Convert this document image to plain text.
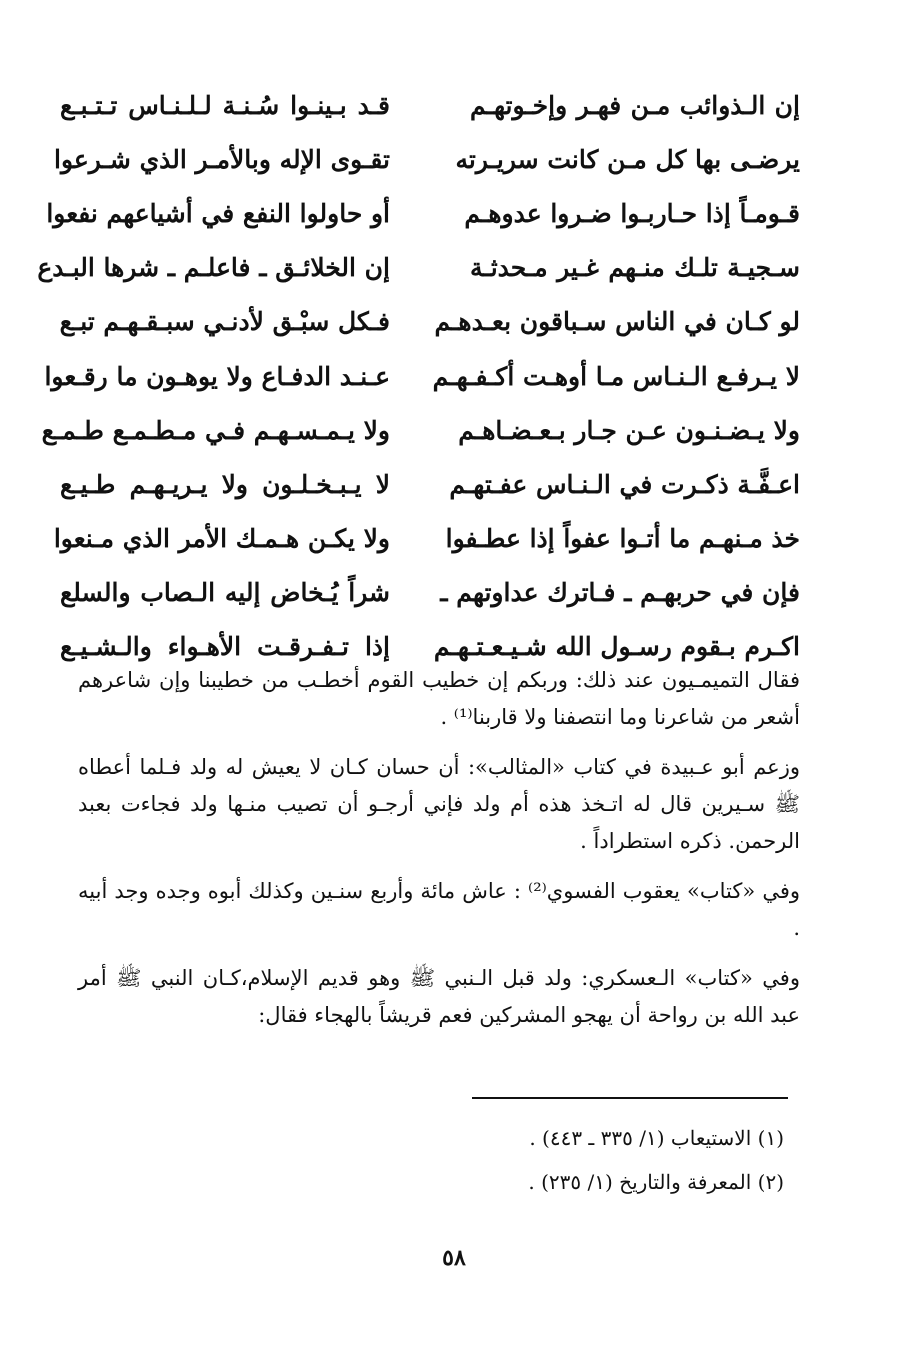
إن الـذوائب مـن فهـر وإخـوتهـم
قـد بـينـوا سُـنـة لـلـنـاس تـتـبـع
يرضـى بها كل مـن كانت سريـرته
تقـوى الإله وبالأمـر الذي شـرعوا
قـومـاً إذا حـاربـوا ضـروا عدوهـم
أو حاولوا النفع في أشياعهم نفعوا
سـجيـة تلـك منـهم غـير مـحدثـة
إن الخلائـق ـ فاعلـم ـ شرها البـدع
لو كـان في الناس سـباقون بعـدهـم
فـكل سبْـق لأدنـي سبـقـهـم تبـع
لا يـرفـع الـنـاس مـا أوهـت أكـفـهـم
عـنـد الدفـاع ولا يوهـون ما رقـعوا
ولا يـضـنـون عـن جـار بـعـضـاهـم
ولا يـمـسـهـم فـي مـطـمـع طـمـع
اعـفَّـة ذكـرت في الـنـاس عفـتهـم
لا يـبـخـلـون ولا يـريـهـم طـيـع
خذ مـنهـم ما أتـوا عفواً إذا عطـفوا
ولا يكـن هـمـك الأمر الذي مـنعوا
فإن في حربهـم ـ فـاترك عداوتهم ـ
شراً يُـخاض إليه الـصاب والسلع
اكـرم بـقوم رسـول الله شـيـعـتـهـم
إذا تـفـرقـت الأهـواء والـشـيـع

فقال التميمـيون عند ذلك: وربكم إن خطيب القوم أخطـب من خطيبنا وإن شاعرهم أشعر من شاعرنا وما انتصفنا ولا قاربنا⁽¹⁾ .

وزعم أبو عـبيدة في كتاب «المثالب»: أن حسان كـان لا يعيش له ولد فـلما أعطاه ﷺ سـيرين قال له اتـخذ هذه أم ولد فإني أرجـو أن تصيب منـها ولد فجاءت بعبد الرحمن. ذكره استطراداً .

وفي «كتاب» يعقوب الفسوي⁽²⁾ : عاش مائة وأربع سنـين وكذلك أبوه وجده وجد أبيه .

وفي «كتاب» الـعسكري: ولد قبل الـنبي ﷺ وهو قديم الإسلام،كـان النبي ﷺ أمر عبد الله بن رواحة أن يهجو المشركين فعم قريشاً بالهجاء فقال:

(١) الاستيعاب (١/ ٣٣٥ ـ ٤٤٣) .
(٢) المعرفة والتاريخ (١/ ٢٣٥) .
٥٨
